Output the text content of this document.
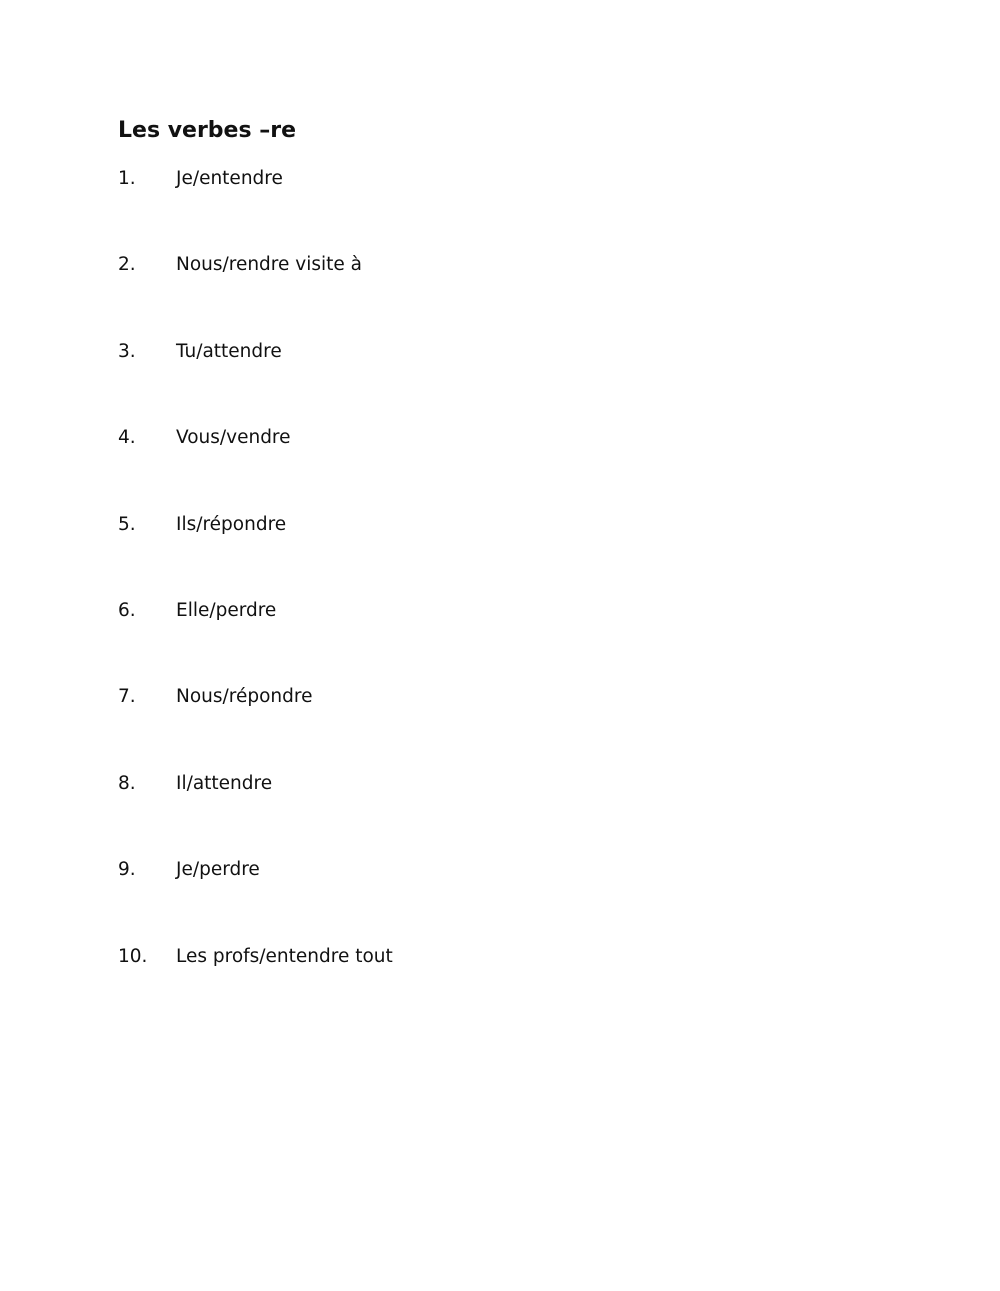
Les verbes –re
1.	Je/entendre
2.	Nous/rendre visite à
3.	Tu/attendre
4.	Vous/vendre
5.	Ils/répondre
6.	Elle/perdre
7.	Nous/répondre
8.	Il/attendre
9.	Je/perdre
10.	Les profs/entendre tout
